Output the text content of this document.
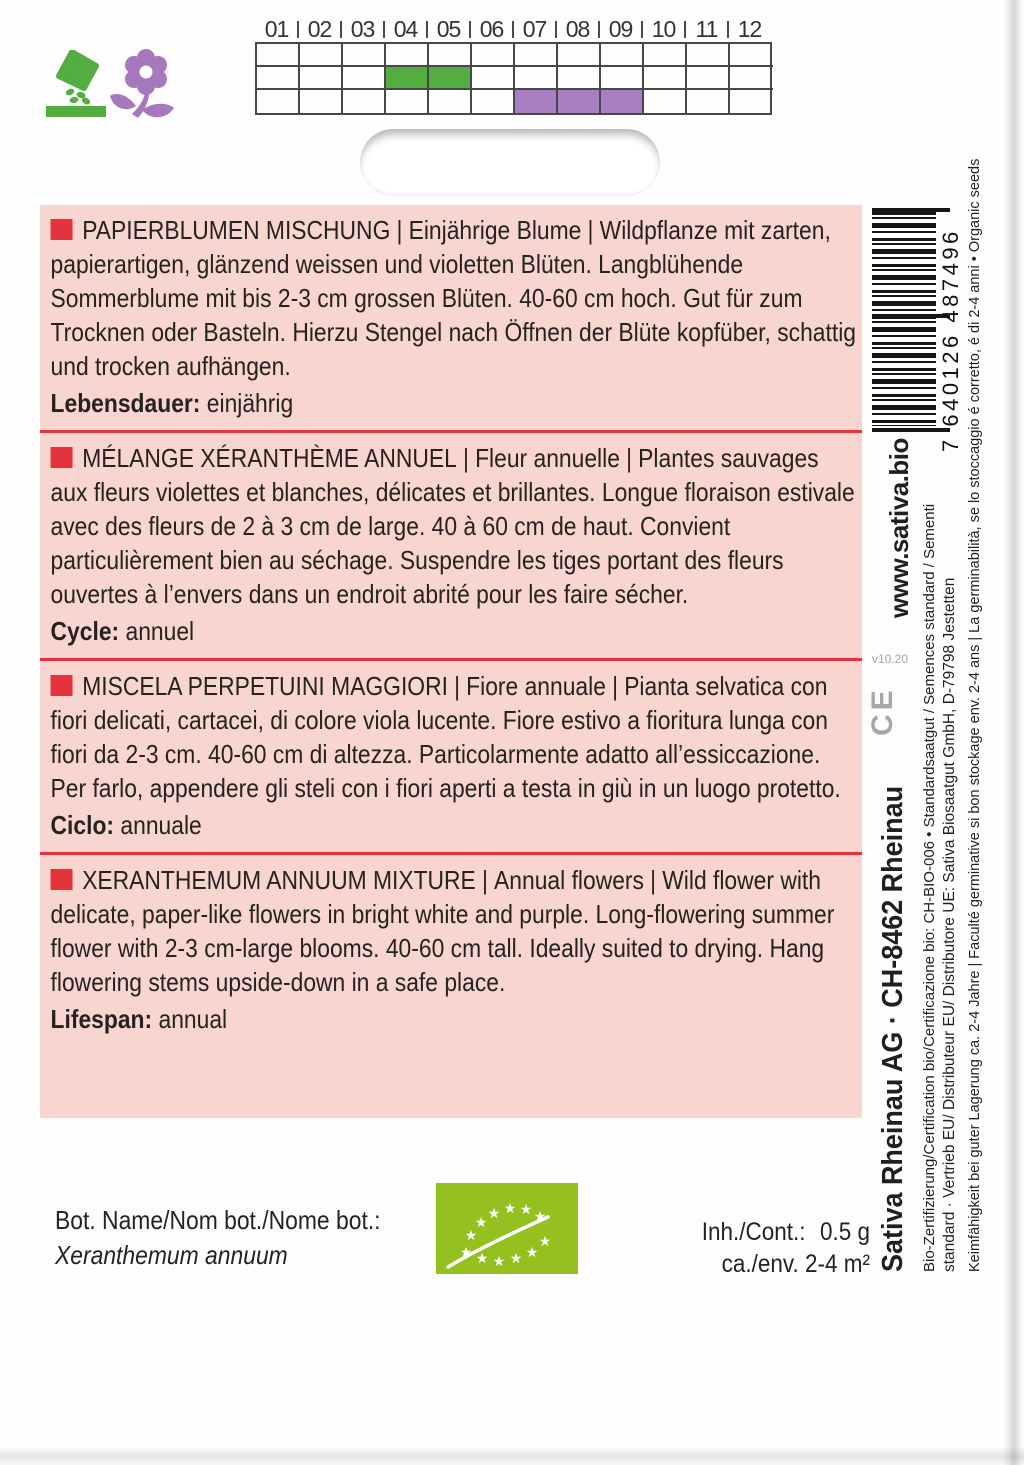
01 02 03 04 05 06 07 08 09 10 11 12

PAPIERBLUMEN MISCHUNG | Einjährige Blume | Wildpflanze mit zarten, papierartigen, glänzend weissen und violetten Blüten. Langblühende Sommerblume mit bis 2-3 cm grossen Blüten. 40-60 cm hoch. Gut für zum Trocknen oder Basteln. Hierzu Stengel nach Öffnen der Blüte kopfüber, schattig und trocken aufhängen.

Lebensdauer: einjährig

MÉLANGE XÉRANTHÈME ANNUEL | Fleur annuelle | Plantes sauvages aux fleurs violettes et blanches, délicates et brillantes. Longue floraison estivale avec des fleurs de 2 à 3 cm de large. 40 à 60 cm de haut. Convient particulièrement bien au séchage. Suspendre les tiges portant des fleurs ouvertes à l’envers dans un endroit abrité pour les faire sécher.

Cycle: annuel

MISCELA PERPETUINI MAGGIORI | Fiore annuale | Pianta selvatica con fiori delicati, cartacei, di colore viola lucente. Fiore estivo a fioritura lunga con fiori da 2-3 cm. 40-60 cm di altezza. Particolarmente adatto all’essiccazione. Per farlo, appendere gli steli con i fiori aperti a testa in giù in un luogo protetto.

Ciclo: annuale

XERANTHEMUM ANNUUM MIXTURE | Annual flowers | Wild flower with delicate, paper-like flowers in bright white and purple. Long-flowering summer flower with 2-3 cm-large blooms. 40-60 cm tall. Ideally suited to drying. Hang flowering stems upside-down in a safe place.

Lifespan: annual

7 640126 487496
www.sativa.bio
v10.20
CE
Sativa Rheinau AG · CH-8462 Rheinau Bio-Zertifizierung/Certification bio/Certificazione bio: CH-BIO-006 • Standardsaatgut / Semences standard / Sementi standard · Vertrieb EU/ Distributeur EU/ Distributore UE: Sativa Biosaatgut GmbH, D-79798 Jestetten Keimfähigkeit bei guter Lagerung ca. 2-4 Jahre | Faculté germinative si bon stockage env. 2-4 ans | La germinabilità, se lo stoccaggio é corretto, é di 2-4 anni • Organic seeds
Bot. Name/Nom bot./Nome bot.:
Xeranthemum annuum	★ ★ ★ ★ ★
★
★
★
★ ★ ★ ★
Inh./Cont.: 0.5 g
ca./env. 2-4 m²
